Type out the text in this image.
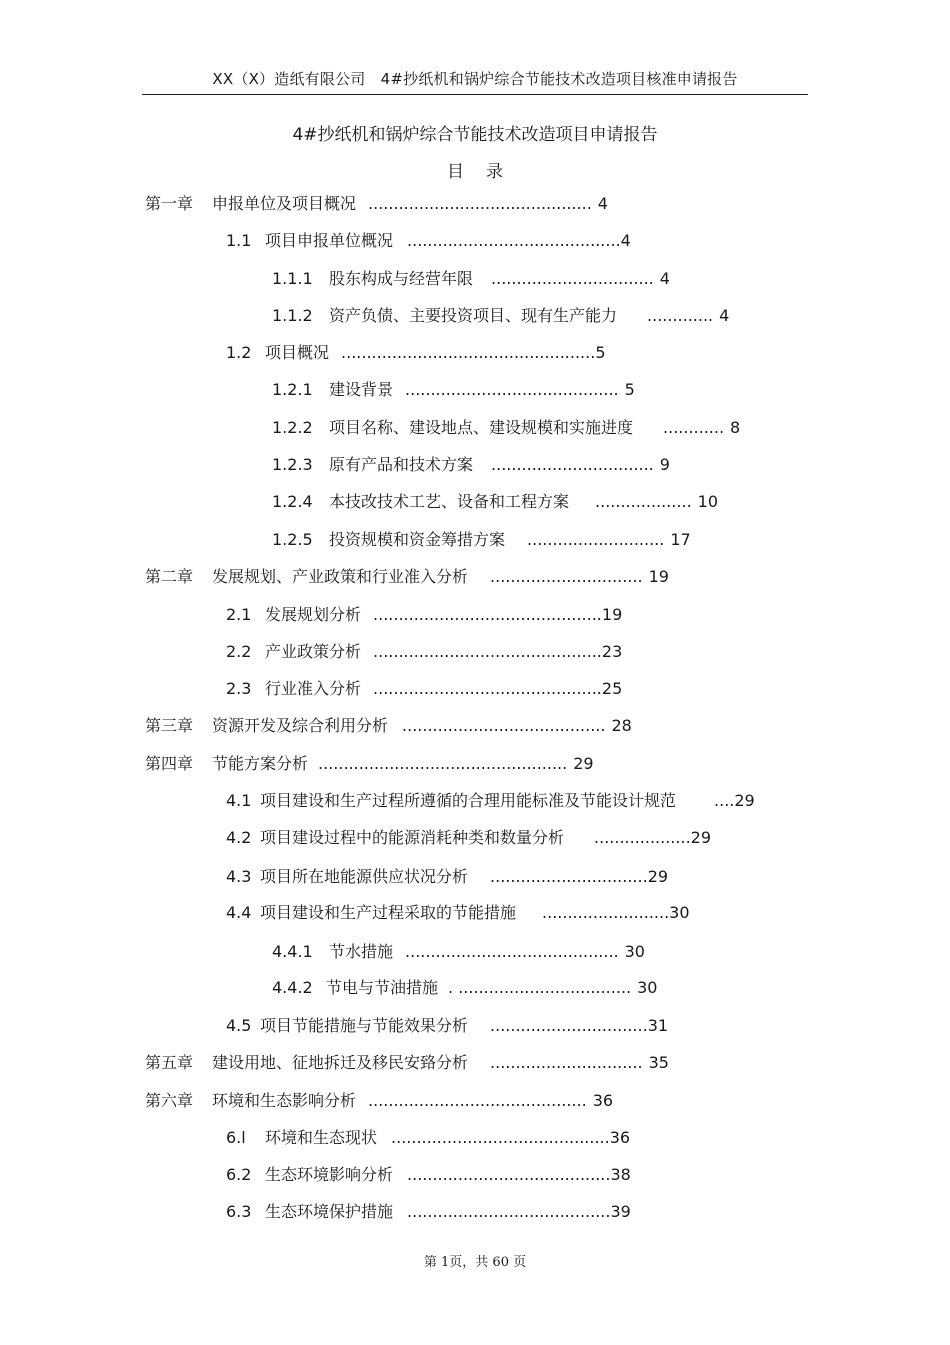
XX（X）造纸有限公司　4#抄纸机和锅炉综合节能技术改造项目核准申请报告
4#抄纸机和锅炉综合节能技术改造项目申请报告
目录
第一章 申报单位及项目概况 ............................................ 4
1.1 项目申报单位概况 ..........................................4
1.1.1 股东构成与经营年限 ................................ 4
1.1.2 资产负债、主要投资项目、现有生产能力 ............. 4
1.2 项目概况 ..................................................5
1.2.1 建设背景 .......................................... 5
1.2.2 项目名称、建设地点、建设规模和实施进度 ............ 8
1.2.3 原有产品和技术方案 ................................ 9
1.2.4 本技改技术工艺、设备和工程方案 ................... 10
1.2.5 投资规模和资金筹措方案 ........................... 17
第二章 发展规划、产业政策和行业准入分析 .............................. 19
2.1 发展规划分析 .............................................19
2.2 产业政策分析 .............................................23
2.3 行业准入分析 .............................................25
第三章 资源开发及综合利用分析 ........................................ 28
第四章 节能方案分析 ................................................. 29
4.1 项目建设和生产过程所遵循的合理用能标准及节能设计规范 ....29
4.2 项目建设过程中的能源消耗种类和数量分析 ...................29
4.3 项目所在地能源供应状况分析 ...............................29
4.4 项目建设和生产过程采取的节能措施 .........................30
4.4.1 节水措施 .......................................... 30
4.4.2 节电与节油措施 . .................................. 30
4.5 项目节能措施与节能效果分析 ...............................31
第五章 建设用地、征地拆迁及移民安臵分析 .............................. 35
第六章 环境和生态影响分析 ........................................... 36
6.l 环境和生态现状 ...........................................36
6.2 生态环境影响分析 ........................................38
6.3 生态环境保护措施 ........................................39
第 1页，共 60 页
